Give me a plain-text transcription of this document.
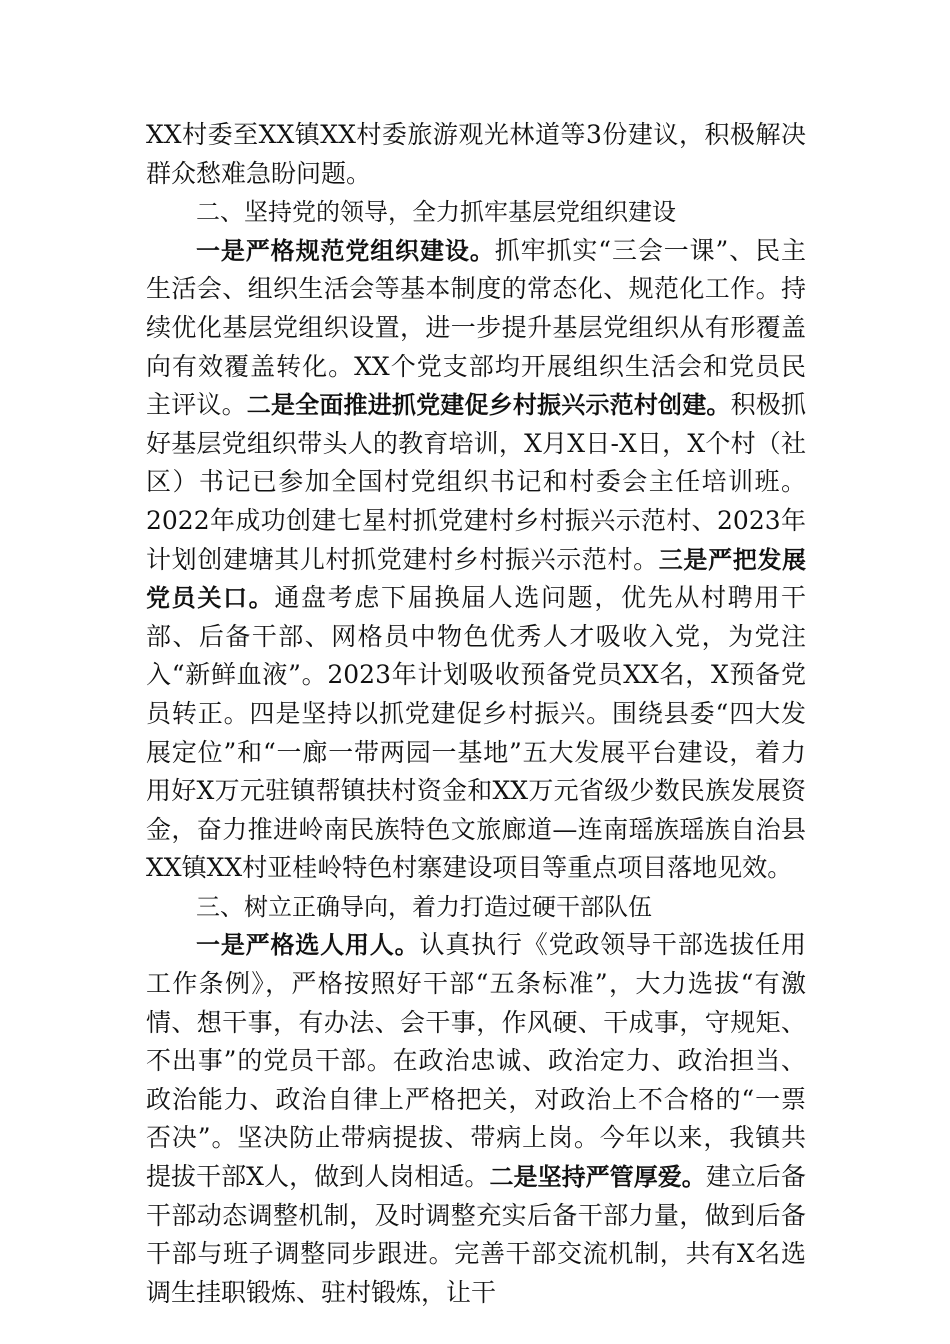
XX村委至XX镇XX村委旅游观光林道等3份建议，积极解决群众愁难急盼问题。

二、坚持党的领导，全力抓牢基层党组织建设

一是严格规范党组织建设。抓牢抓实“三会一课”、民主生活会、组织生活会等基本制度的常态化、规范化工作。持续优化基层党组织设置，进一步提升基层党组织从有形覆盖向有效覆盖转化。XX个党支部均开展组织生活会和党员民主评议。二是全面推进抓党建促乡村振兴示范村创建。积极抓好基层党组织带头人的教育培训，X月X日-X日，X个村（社区）书记已参加全国村党组织书记和村委会主任培训班。2022年成功创建七星村抓党建村乡村振兴示范村、2023年计划创建塘其儿村抓党建村乡村振兴示范村。三是严把发展党员关口。通盘考虑下届换届人选问题，优先从村聘用干部、后备干部、网格员中物色优秀人才吸收入党，为党注入“新鲜血液”。2023年计划吸收预备党员XX名，X预备党员转正。四是坚持以抓党建促乡村振兴。围绕县委“四大发展定位”和“一廊一带两园一基地”五大发展平台建设，着力用好X万元驻镇帮镇扶村资金和XX万元省级少数民族发展资金，奋力推进岭南民族特色文旅廊道—连南瑶族瑶族自治县XX镇XX村亚桂岭特色村寨建设项目等重点项目落地见效。

三、树立正确导向，着力打造过硬干部队伍

一是严格选人用人。认真执行《党政领导干部选拔任用工作条例》，严格按照好干部“五条标准”，大力选拔“有激情、想干事，有办法、会干事，作风硬、干成事，守规矩、不出事”的党员干部。在政治忠诚、政治定力、政治担当、政治能力、政治自律上严格把关，对政治上不合格的“一票否决”。坚决防止带病提拔、带病上岗。今年以来，我镇共提拔干部X人，做到人岗相适。二是坚持严管厚爱。建立后备干部动态调整机制，及时调整充实后备干部力量，做到后备干部与班子调整同步跟进。完善干部交流机制，共有X名选调生挂职锻炼、驻村锻炼，让干
